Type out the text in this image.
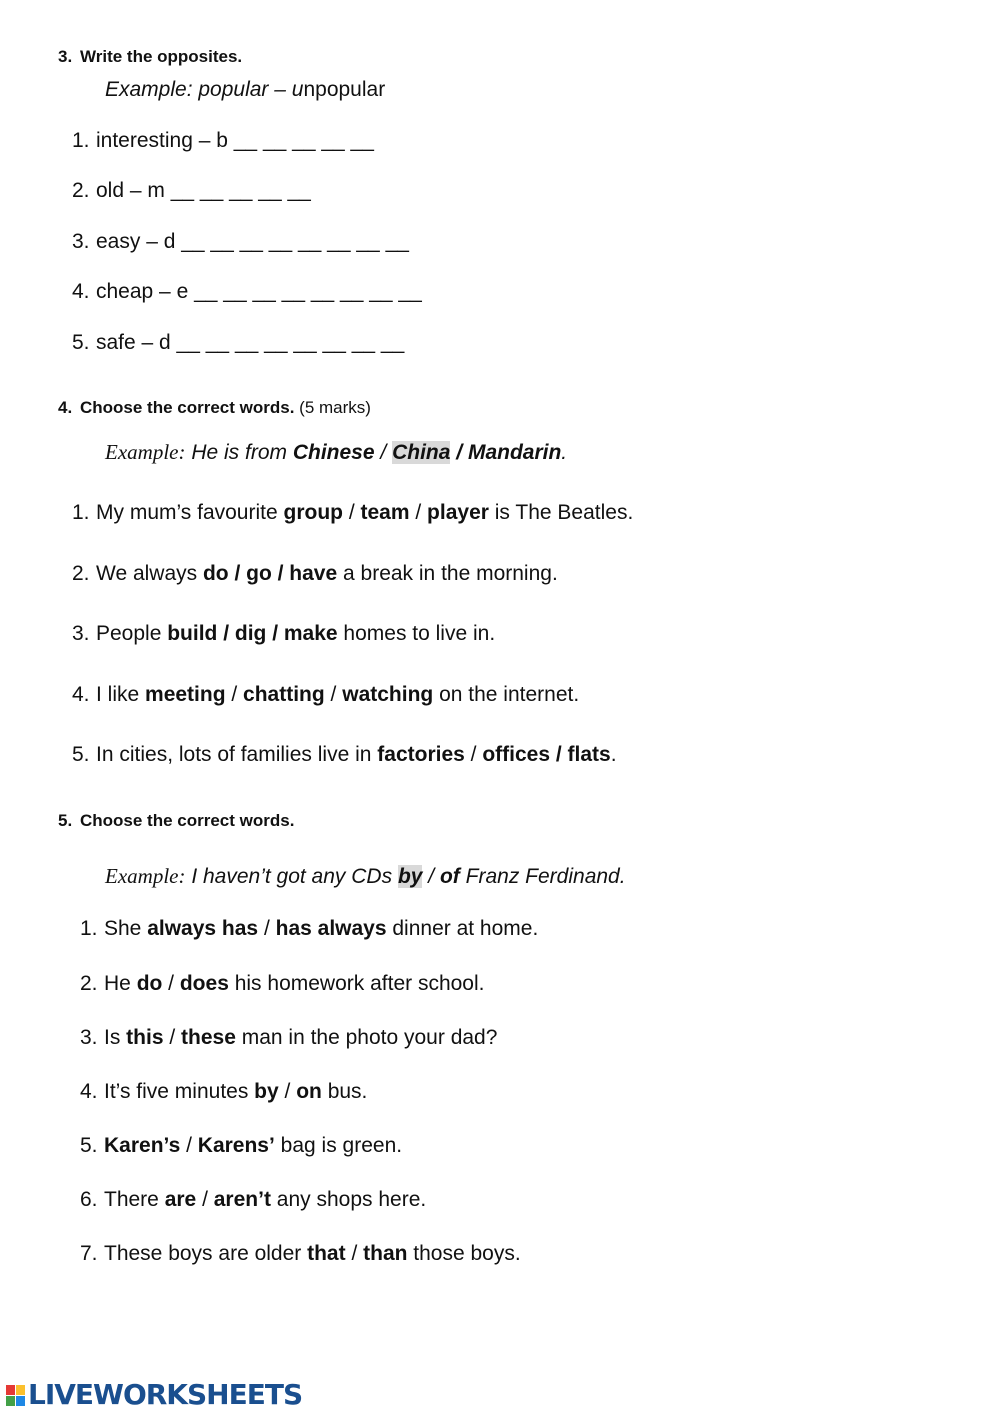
3. Write the opposites.
Example: popular – unpopular
1. interesting – b __ __ __ __ __
2. old – m __ __ __ __ __
3. easy – d __ __ __ __ __ __ __ __
4. cheap – e __ __ __ __ __ __ __ __
5. safe – d __ __ __ __ __ __ __ __
4. Choose the correct words. (5 marks)
Example: He is from Chinese / China / Mandarin.
1. My mum’s favourite group / team / player is The Beatles.
2. We always do / go / have a break in the morning.
3. People build / dig / make homes to live in.
4. I like meeting / chatting / watching on the internet.
5. In cities, lots of families live in factories / offices / flats.
5. Choose the correct words.
Example: I haven’t got any CDs by / of Franz Ferdinand.
1. She always has / has always dinner at home.
2. He do / does his homework after school.
3. Is this / these man in the photo your dad?
4. It’s five minutes by / on bus.
5. Karen’s / Karens’ bag is green.
6. There are / aren’t any shops here.
7. These boys are older that / than those boys.
LIVEWORKSHEETS
